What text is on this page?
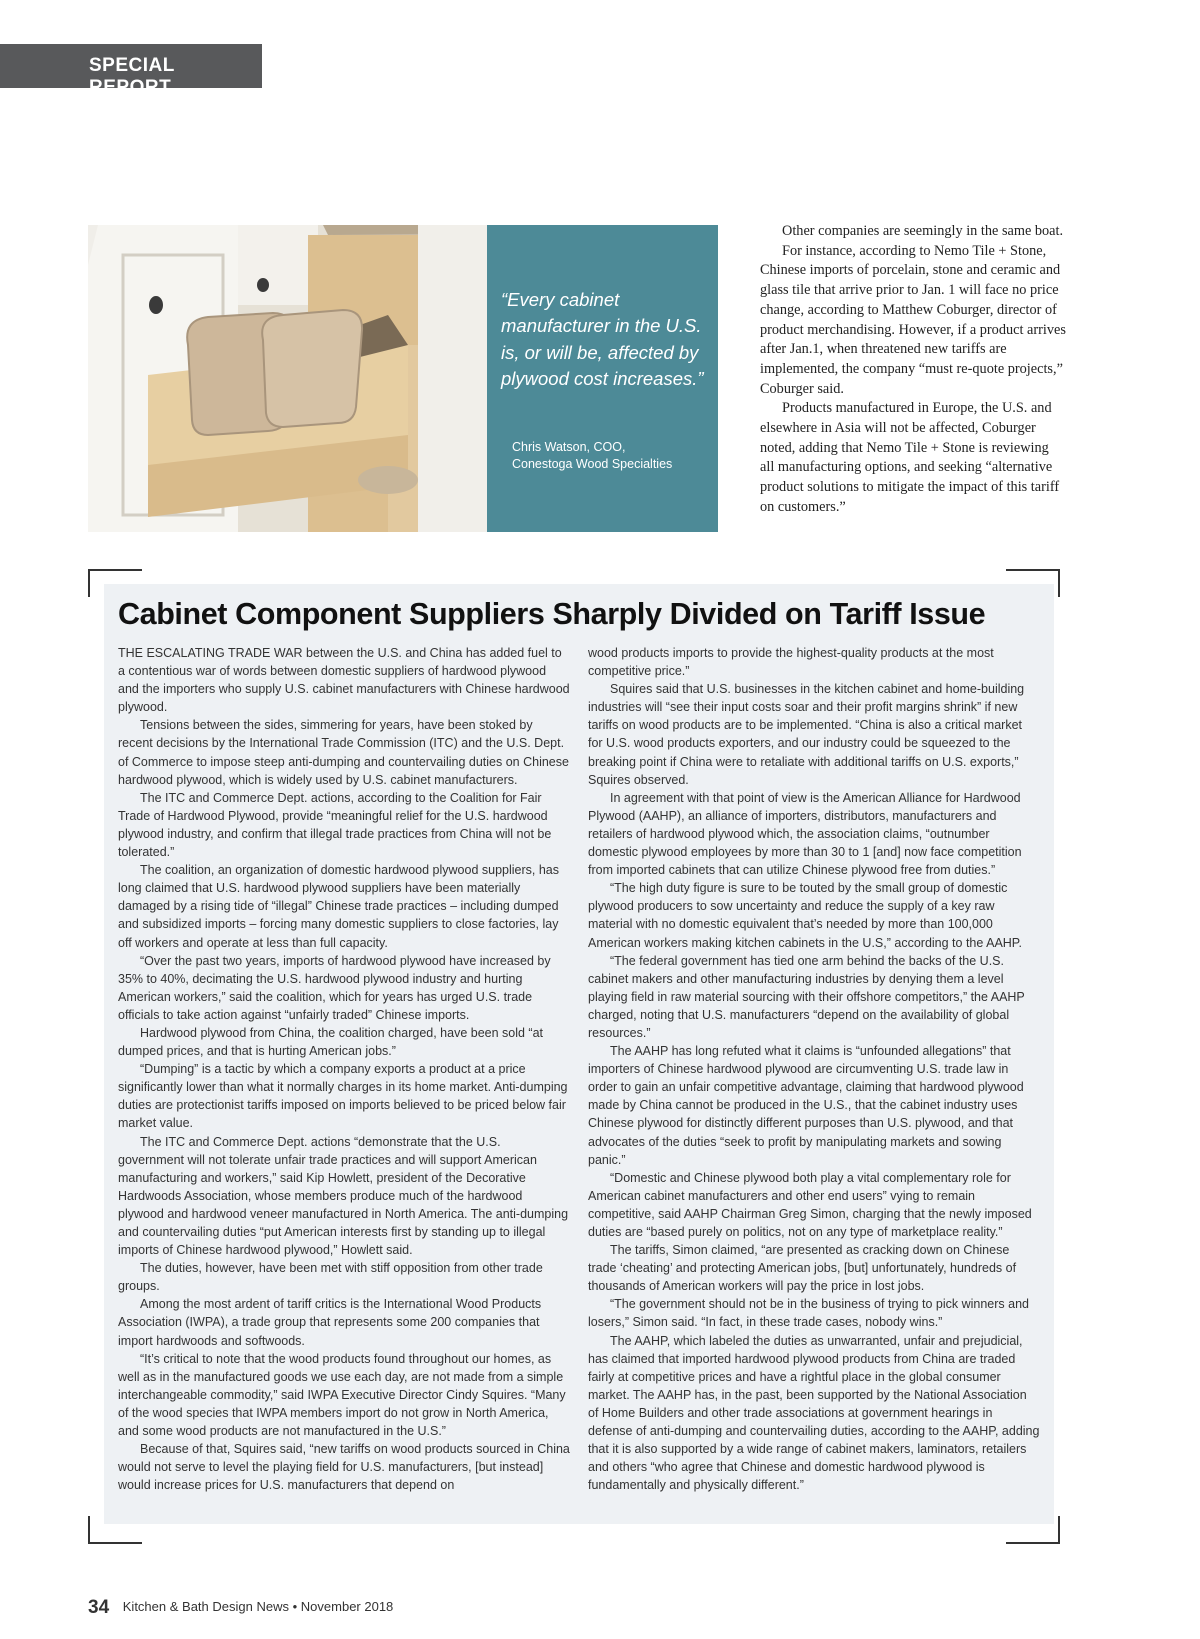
SPECIAL REPORT
“Every cabinet manufacturer in the U.S. is, or will be, affected by plywood cost increases.”
Chris Watson, COO,
Conestoga Wood Specialties

Other companies are seemingly in the same boat.

For instance, according to Nemo Tile + Stone, Chinese imports of porcelain, stone and ceramic and glass tile that arrive prior to Jan. 1 will face no price change, according to Matthew Coburger, director of product merchandising. However, if a product arrives after Jan.1, when threatened new tariffs are implemented, the company “must re-quote projects,” Coburger said.

Products manufactured in Europe, the U.S. and elsewhere in Asia will not be affected, Coburger noted, adding that Nemo Tile + Stone is reviewing all manufacturing options, and seeking “alternative product solutions to mitigate the impact of this tariff on customers.”

Cabinet Component Suppliers Sharply Divided on Tariff Issue

THE ESCALATING TRADE WAR between the U.S. and China has added fuel to a contentious war of words between domestic suppliers of hardwood plywood and the importers who supply U.S. cabinet manufacturers with Chinese hardwood plywood.

Tensions between the sides, simmering for years, have been stoked by recent decisions by the International Trade Commission (ITC) and the U.S. Dept. of Commerce to impose steep anti-dumping and countervailing duties on Chinese hardwood plywood, which is widely used by U.S. cabinet manufacturers.

The ITC and Commerce Dept. actions, according to the Coalition for Fair Trade of Hardwood Plywood, provide “meaningful relief for the U.S. hardwood plywood industry, and confirm that illegal trade practices from China will not be tolerated.”

The coalition, an organization of domestic hardwood plywood suppliers, has long claimed that U.S. hardwood plywood suppliers have been materially damaged by a rising tide of “illegal” Chinese trade practices – including dumped and subsidized imports – forcing many domestic suppliers to close factories, lay off workers and operate at less than full capacity.

“Over the past two years, imports of hardwood plywood have increased by 35% to 40%, decimating the U.S. hardwood plywood industry and hurting American workers,” said the coalition, which for years has urged U.S. trade officials to take action against “unfairly traded” Chinese imports.

Hardwood plywood from China, the coalition charged, have been sold “at dumped prices, and that is hurting American jobs.”

“Dumping” is a tactic by which a company exports a product at a price significantly lower than what it normally charges in its home market. Anti-dumping duties are protectionist tariffs imposed on imports believed to be priced below fair market value.

The ITC and Commerce Dept. actions “demonstrate that the U.S. government will not tolerate unfair trade practices and will support American manufacturing and workers,” said Kip Howlett, president of the Decorative Hardwoods Association, whose members produce much of the hardwood plywood and hardwood veneer manufactured in North America. The anti-dumping and countervailing duties “put American interests first by standing up to illegal imports of Chinese hardwood plywood,” Howlett said.

The duties, however, have been met with stiff opposition from other trade groups.

Among the most ardent of tariff critics is the International Wood Products Association (IWPA), a trade group that represents some 200 companies that import hardwoods and softwoods.

“It’s critical to note that the wood products found throughout our homes, as well as in the manufactured goods we use each day, are not made from a simple interchangeable commodity,” said IWPA Executive Director Cindy Squires. “Many of the wood species that IWPA members import do not grow in North America, and some wood products are not manufactured in the U.S.”

Because of that, Squires said, “new tariffs on wood products sourced in China would not serve to level the playing field for U.S. manufacturers, [but instead] would increase prices for U.S. manufacturers that depend on

wood products imports to provide the highest-quality products at the most competitive price.”

Squires said that U.S. businesses in the kitchen cabinet and home-building industries will “see their input costs soar and their profit margins shrink” if new tariffs on wood products are to be implemented. “China is also a critical market for U.S. wood products exporters, and our industry could be squeezed to the breaking point if China were to retaliate with additional tariffs on U.S. exports,” Squires observed.

In agreement with that point of view is the American Alliance for Hardwood Plywood (AAHP), an alliance of importers, distributors, manufacturers and retailers of hardwood plywood which, the association claims, “outnumber domestic plywood employees by more than 30 to 1 [and] now face competition from imported cabinets that can utilize Chinese plywood free from duties.”

“The high duty figure is sure to be touted by the small group of domestic plywood producers to sow uncertainty and reduce the supply of a key raw material with no domestic equivalent that’s needed by more than 100,000 American workers making kitchen cabinets in the U.S,” according to the AAHP.

“The federal government has tied one arm behind the backs of the U.S. cabinet makers and other manufacturing industries by denying them a level playing field in raw material sourcing with their offshore competitors,” the AAHP charged, noting that U.S. manufacturers “depend on the availability of global resources.”

The AAHP has long refuted what it claims is “unfounded allegations” that importers of Chinese hardwood plywood are circumventing U.S. trade law in order to gain an unfair competitive advantage, claiming that hardwood plywood made by China cannot be produced in the U.S., that the cabinet industry uses Chinese plywood for distinctly different purposes than U.S. plywood, and that advocates of the duties “seek to profit by manipulating markets and sowing panic.”

“Domestic and Chinese plywood both play a vital complementary role for American cabinet manufacturers and other end users” vying to remain competitive, said AAHP Chairman Greg Simon, charging that the newly imposed duties are “based purely on politics, not on any type of marketplace reality.”

The tariffs, Simon claimed, “are presented as cracking down on Chinese trade ‘cheating’ and protecting American jobs, [but] unfortunately, hundreds of thousands of American workers will pay the price in lost jobs.

“The government should not be in the business of trying to pick winners and losers,” Simon said. “In fact, in these trade cases, nobody wins.”

The AAHP, which labeled the duties as unwarranted, unfair and prejudicial, has claimed that imported hardwood plywood products from China are traded fairly at competitive prices and have a rightful place in the global consumer market. The AAHP has, in the past, been supported by the National Association of Home Builders and other trade associations at government hearings in defense of anti-dumping and countervailing duties, according to the AAHP, adding that it is also supported by a wide range of cabinet makers, laminators, retailers and others “who agree that Chinese and domestic hardwood plywood is fundamentally and physically different.”

34 Kitchen & Bath Design News • November 2018
